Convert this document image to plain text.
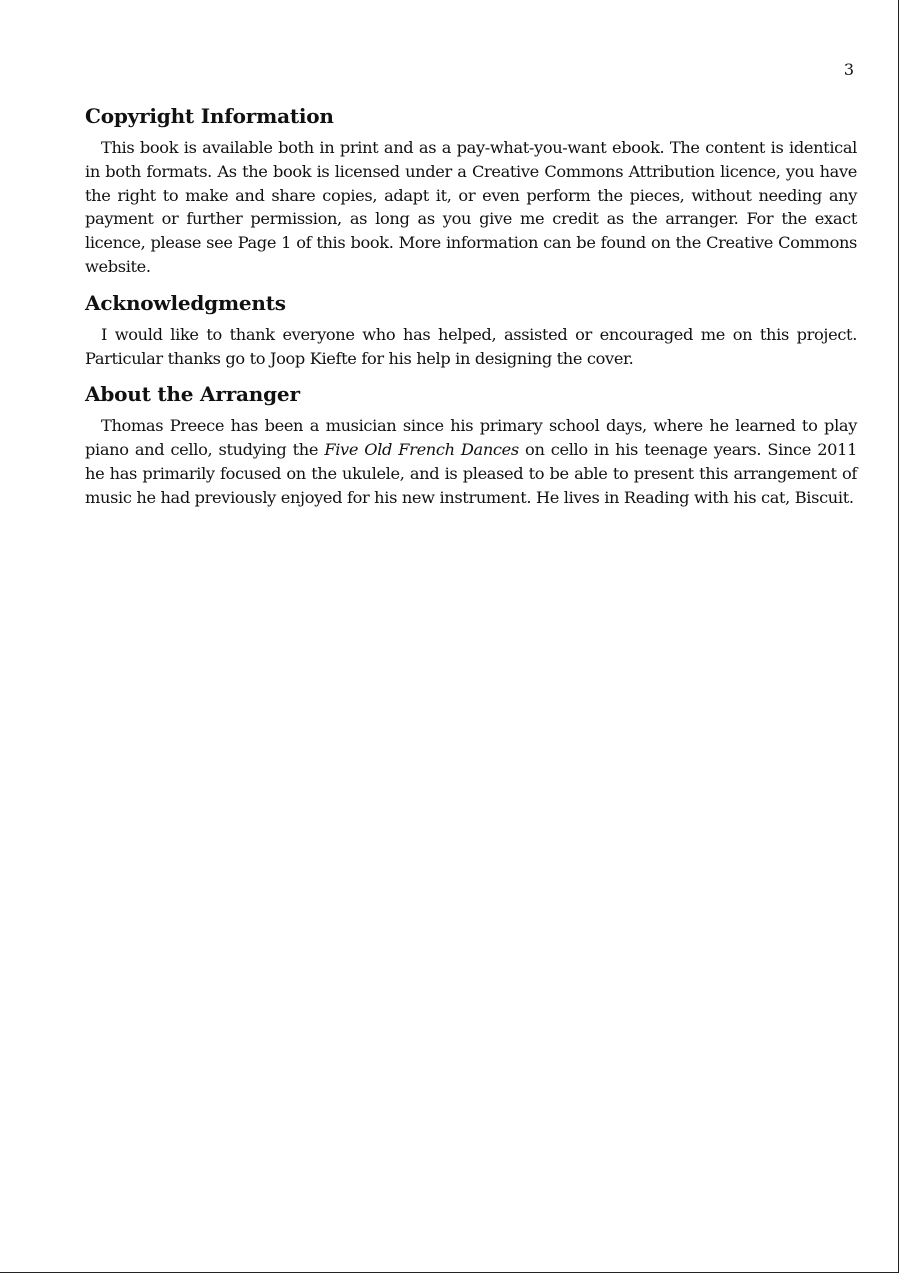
3
Copyright Information

This book is available both in print and as a pay-what-you-want ebook. The content is identical in both formats. As the book is licensed under a Creative Commons Attribution licence, you have the right to make and share copies, adapt it, or even perform the pieces, without needing any payment or further permission, as long as you give me credit as the arranger. For the exact licence, please see Page 1 of this book. More information can be found on the Creative Commons website.

Acknowledgments

I would like to thank everyone who has helped, assisted or encouraged me on this project. Particular thanks go to Joop Kiefte for his help in designing the cover.

About the Arranger

Thomas Preece has been a musician since his primary school days, where he learned to play piano and cello, studying the Five Old French Dances on cello in his teenage years. Since 2011 he has primarily focused on the ukulele, and is pleased to be able to present this arrangement of music he had previously enjoyed for his new instrument. He lives in Reading with his cat, Biscuit.
